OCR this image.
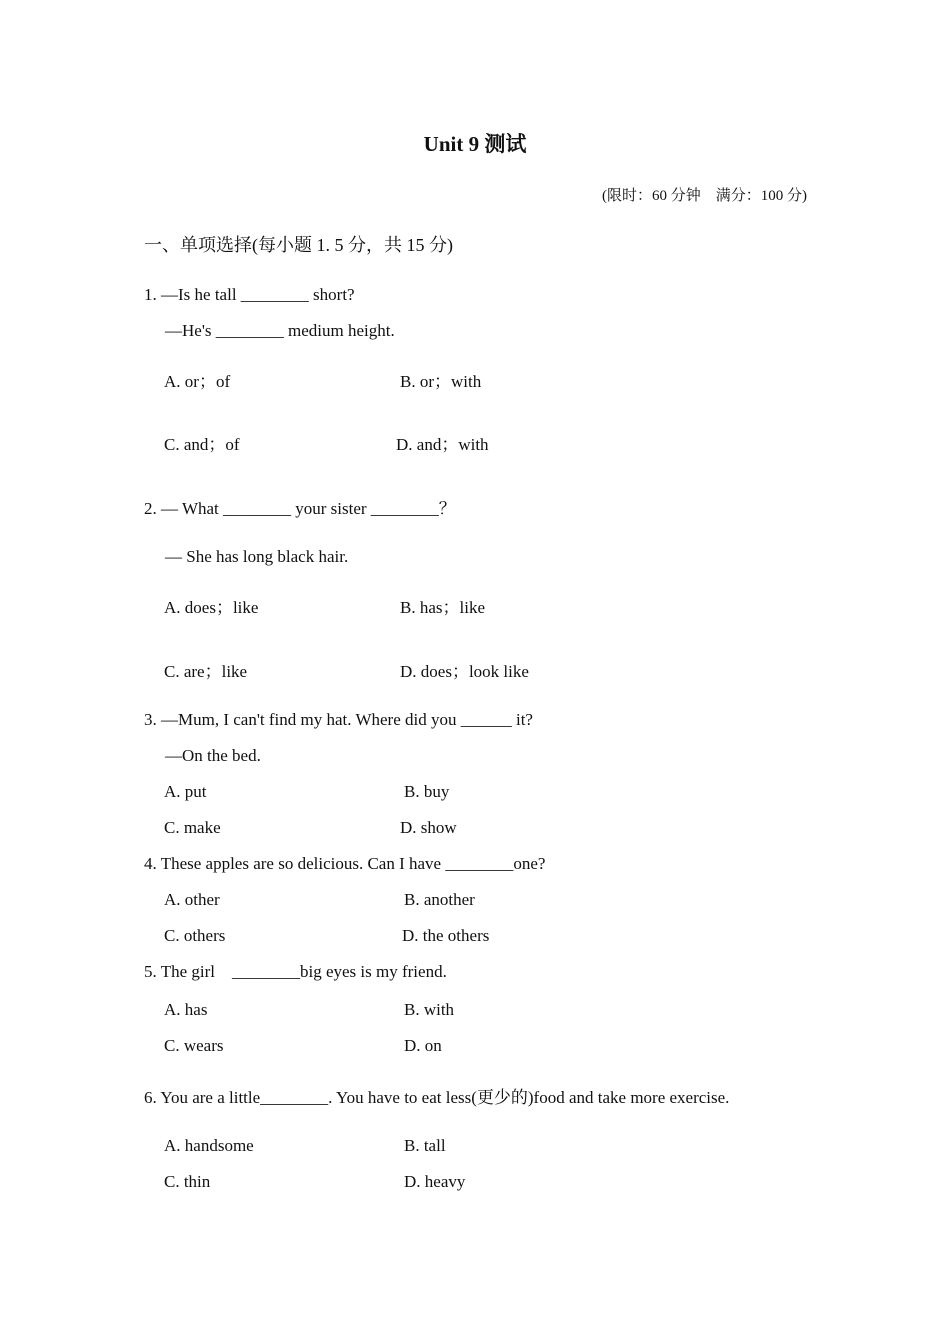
Unit 9 测试
(限时：60 分钟    满分：100 分)
一、单项选择(每小题 1. 5 分，共 15 分)
1. —Is he tall ________ short?
—He's ________ medium height.
A. or；of	B. or；with
C. and；of	D. and；with
2. — What ________ your sister ________？
— She has long black hair.
A. does；like	B. has；like
C. are；like	D. does；look like
3. —Mum, I can't find my hat. Where did you ______ it?
—On the bed.
A. put	B. buy
C. make	D. show
4. These apples are so delicious. Can I have ________one?
A. other	B. another
C. others	D. the others
5. The girl    ________big eyes is my friend.
A. has	B. with
C. wears	D. on
6. You are a little________. You have to eat less(更少的)food and take more exercise.
A. handsome	B. tall
C. thin	D. heavy
